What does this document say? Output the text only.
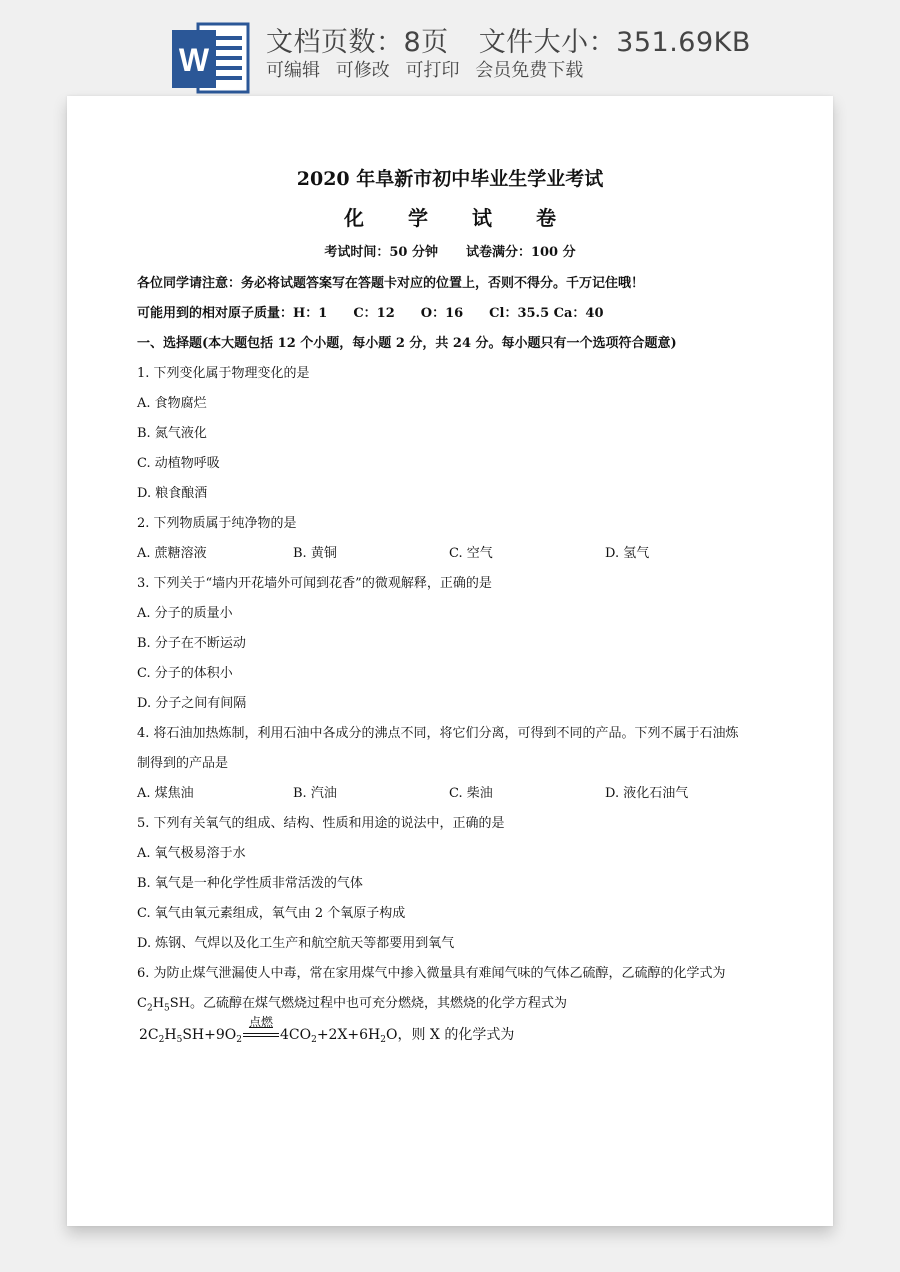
W 文档页数：8页 文件大小：351.69KB
可编辑 可修改 可打印 会员免费下载
2020 年阜新市初中毕业生学业考试
化 学 试 卷
考试时间：50 分钟 试卷满分：100 分
各位同学请注意：务必将试题答案写在答题卡对应的位置上，否则不得分。千万记住哦！
可能用到的相对原子质量：H：1　　C：12　　O：16　　Cl：35.5 Ca：40
一、选择题(本大题包括 12 个小题，每小题 2 分，共 24 分。每小题只有一个选项符合题意)
1. 下列变化属于物理变化的是
A. 食物腐烂
B. 氮气液化
C. 动植物呼吸
D. 粮食酿酒
2. 下列物质属于纯净物的是
A. 蔗糖溶液	B. 黄铜	C. 空气	D. 氢气
3. 下列关于“墙内开花墙外可闻到花香”的微观解释，正确的是
A. 分子的质量小
B. 分子在不断运动
C. 分子的体积小
D. 分子之间有间隔
4. 将石油加热炼制，利用石油中各成分的沸点不同，将它们分离，可得到不同的产品。下列不属于石油炼
制得到的产品是
A. 煤焦油	B. 汽油	C. 柴油	D. 液化石油气
5. 下列有关氧气的组成、结构、性质和用途的说法中，正确的是
A. 氧气极易溶于水
B. 氧气是一种化学性质非常活泼的气体
C. 氧气由氧元素组成，氧气由 2 个氧原子构成
D. 炼钢、气焊以及化工生产和航空航天等都要用到氧气
6. 为防止煤气泄漏使人中毒，常在家用煤气中掺入微量具有难闻气味的气体乙硫醇，乙硫醇的化学式为
$C_2H_5SH$。乙硫醇在煤气燃烧过程中也可充分燃烧，其燃烧的化学方程式为
$2C_2H_5SH+9O_2$
点燃
$4CO_2+2X+6H_2O$，则 X 的化学式为
